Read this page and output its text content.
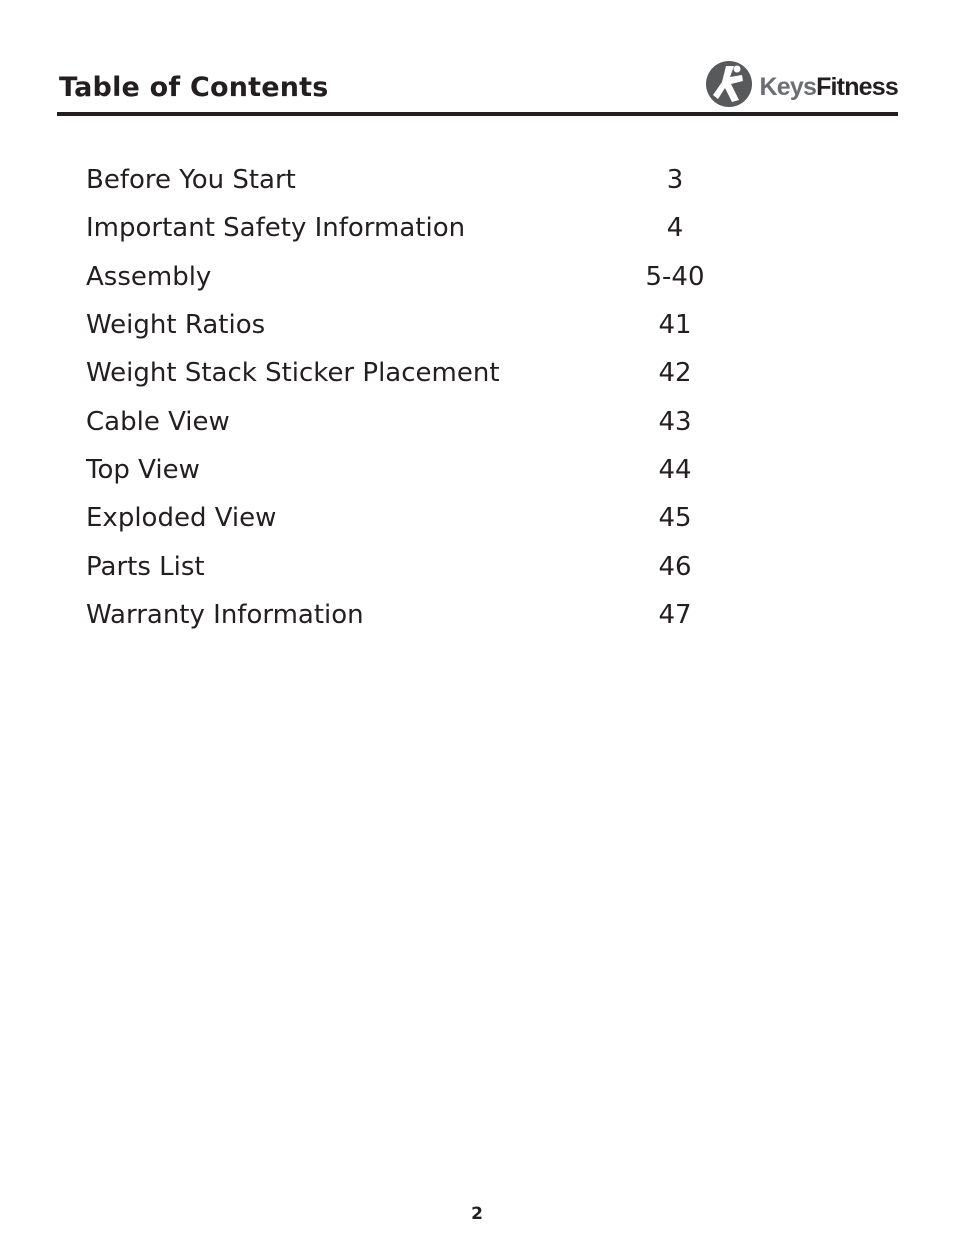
Table of Contents	KeysFitness
Before You Start	3
Important Safety Information	4
Assembly	5-40
Weight Ratios	41
Weight Stack Sticker Placement	42
Cable View	43
Top View	44
Exploded View	45
Parts List	46
Warranty Information	47
2
